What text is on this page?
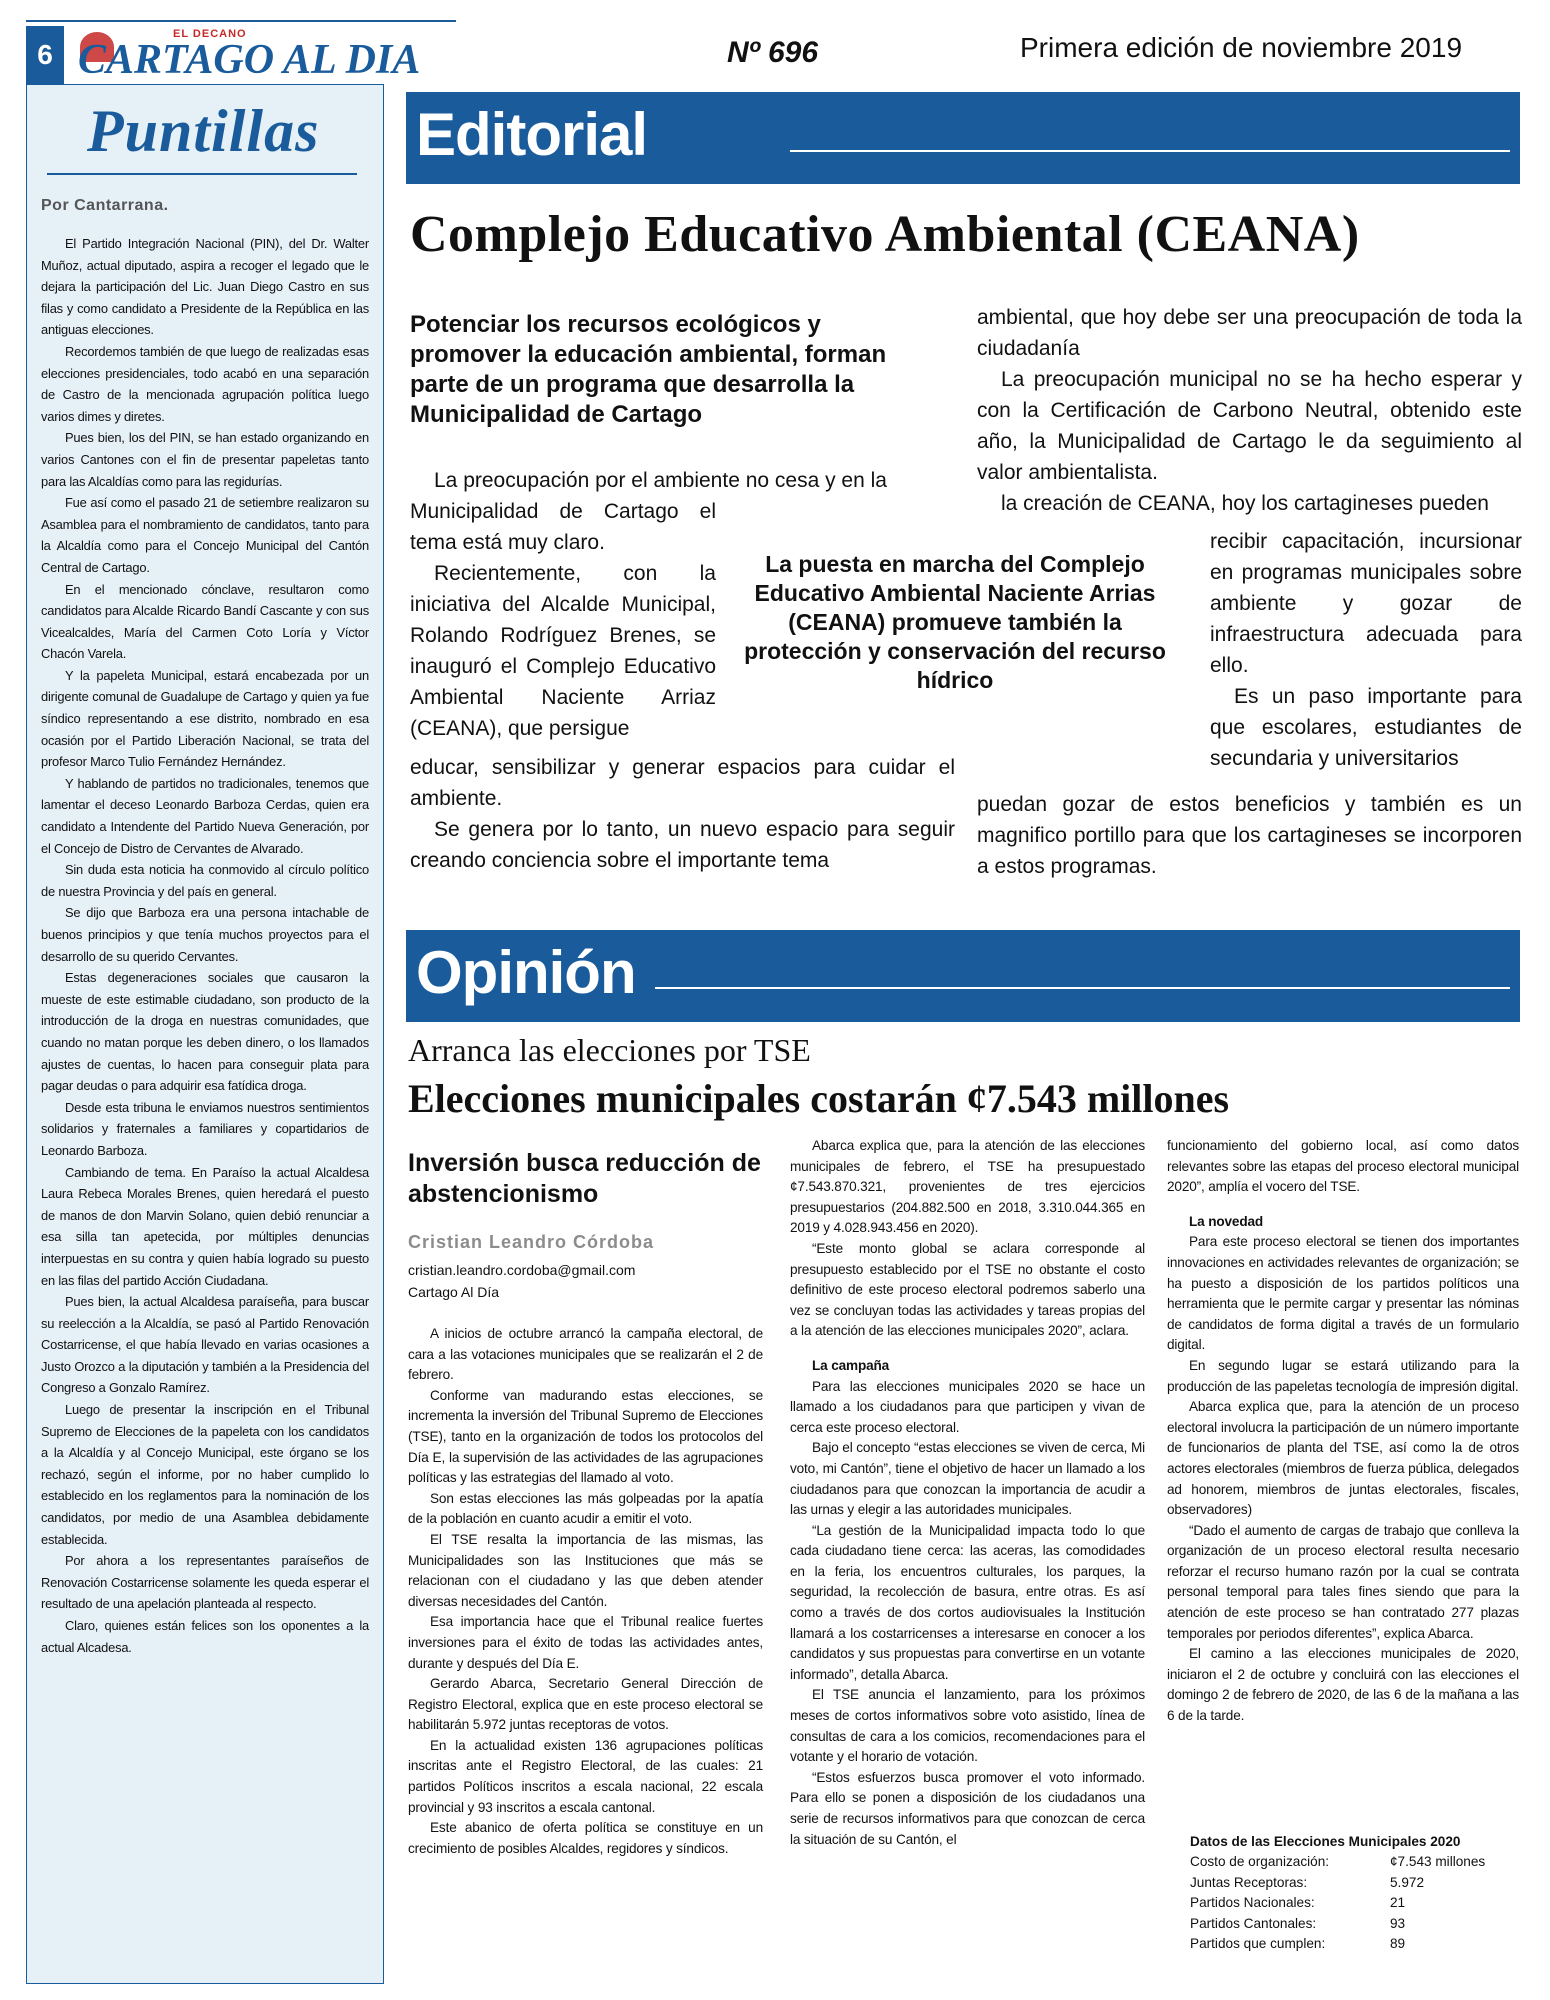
6
EL DECANO
CARTAGO AL DIA	Nº 696	Primera edición de noviembre 2019
Puntillas
Por Cantarrana.

El Partido Integración Nacional (PIN), del Dr. Walter Muñoz, actual diputado, aspira a recoger el legado que le dejara la participación del Lic. Juan Diego Castro en sus filas y como candidato a Presidente de la República en las antiguas elecciones.

Recordemos también de que luego de realizadas esas elecciones presidenciales, todo acabó en una separación de Castro de la mencionada agrupación política luego varios dimes y diretes.

Pues bien, los del PIN, se han estado organizando en varios Cantones con el fin de presentar papeletas tanto para las Alcaldías como para las regidurías.

Fue así como el pasado 21 de setiembre realizaron su Asamblea para el nombramiento de candidatos, tanto para la Alcaldía como para el Concejo Municipal del Cantón Central de Cartago.

En el mencionado cónclave, resultaron como candidatos para Alcalde Ricardo Bandí Cascante y con sus Vicealcaldes, María del Carmen Coto Loría y Víctor Chacón Varela.

Y la papeleta Municipal, estará encabezada por un dirigente comunal de Guadalupe de Cartago y quien ya fue síndico representando a ese distrito, nombrado en esa ocasión por el Partido Liberación Nacional, se trata del profesor Marco Tulio Fernández Hernández.

Y hablando de partidos no tradicionales, tenemos que lamentar el deceso Leonardo Barboza Cerdas, quien era candidato a Intendente del Partido Nueva Generación, por el Concejo de Distro de Cervantes de Alvarado.

Sin duda esta noticia ha conmovido al círculo político de nuestra Provincia y del país en general.

Se dijo que Barboza era una persona intachable de buenos principios y que tenía muchos proyectos para el desarrollo de su querido Cervantes.

Estas degeneraciones sociales que causaron la mueste de este estimable ciudadano, son producto de la introducción de la droga en nuestras comunidades, que cuando no matan porque les deben dinero, o los llamados ajustes de cuentas, lo hacen para conseguir plata para pagar deudas o para adquirir esa fatídica droga.

Desde esta tribuna le enviamos nuestros sentimientos solidarios y fraternales a familiares y copartidarios de Leonardo Barboza.

Cambiando de tema. En Paraíso la actual Alcaldesa Laura Rebeca Morales Brenes, quien heredará el puesto de manos de don Marvin Solano, quien debió renunciar a esa silla tan apetecida, por múltiples denuncias interpuestas en su contra y quien había logrado su puesto en las filas del partido Acción Ciudadana.

Pues bien, la actual Alcaldesa paraíseña, para buscar su reelección a la Alcaldía, se pasó al Partido Renovación Costarricense, el que había llevado en varias ocasiones a Justo Orozco a la diputación y también a la Presidencia del Congreso a Gonzalo Ramírez.

Luego de presentar la inscripción en el Tribunal Supremo de Elecciones de la papeleta con los candidatos a la Alcaldía y al Concejo Municipal, este órgano se los rechazó, según el informe, por no haber cumplido lo establecido en los reglamentos para la nominación de los candidatos, por medio de una Asamblea debidamente establecida.

Por ahora a los representantes paraíseños de Renovación Costarricense solamente les queda esperar el resultado de una apelación planteada al respecto.

Claro, quienes están felices son los oponentes a la actual Alcadesa.

Editorial
Complejo Educativo Ambiental (CEANA)
Potenciar los recursos ecológicos y promover la educación ambiental, forman parte de un programa que desarrolla la Municipalidad de Cartago

La preocupación por el ambiente no cesa y en la

Municipalidad de Cartago el tema está muy claro.

Recientemente, con la iniciativa del Alcalde Municipal, Rolando Rodríguez Brenes, se inauguró el Complejo Educativo Ambiental Naciente Arriaz (CEANA), que persigue

educar, sensibilizar y generar espacios para cuidar el ambiente.

Se genera por lo tanto, un nuevo espacio para seguir creando conciencia sobre el importante tema

La puesta en marcha del Complejo Educativo Ambiental Naciente Arrias (CEANA) promueve también la protección y conservación del recurso hídrico

ambiental, que hoy debe ser una preocupación de toda la ciudadanía

La preocupación municipal no se ha hecho esperar y con la Certificación de Carbono Neutral, obtenido este año, la Municipalidad de Cartago le da seguimiento al valor ambientalista.

la creación de CEANA, hoy los cartagineses pueden

recibir capacitación, incursionar en programas municipales sobre ambiente y gozar de infraestructura adecuada para ello.

Es un paso importante para que escolares, estudiantes de secundaria y universitarios

puedan gozar de estos beneficios y también es un magnifico portillo para que los cartagineses se incorporen a estos programas.

Opinión
Arranca las elecciones por TSE
Elecciones municipales costarán ¢7.543 millones
Inversión busca reducción de abstencionismo
Cristian Leandro Córdoba
cristian.leandro.cordoba@gmail.com
Cartago Al Día

A inicios de octubre arrancó la campaña electoral, de cara a las votaciones municipales que se realizarán el 2 de febrero.

Conforme van madurando estas elecciones, se incrementa la inversión del Tribunal Supremo de Elecciones (TSE), tanto en la organización de todos los protocolos del Día E, la supervisión de las actividades de las agrupaciones políticas y las estrategias del llamado al voto.

Son estas elecciones las más golpeadas por la apatía de la población en cuanto acudir a emitir el voto.

El TSE resalta la importancia de las mismas, las Municipalidades son las Instituciones que más se relacionan con el ciudadano y las que deben atender diversas necesidades del Cantón.

Esa importancia hace que el Tribunal realice fuertes inversiones para el éxito de todas las actividades antes, durante y después del Día E.

Gerardo Abarca, Secretario General Dirección de Registro Electoral, explica que en este proceso electoral se habilitarán 5.972 juntas receptoras de votos.

En la actualidad existen 136 agrupaciones políticas inscritas ante el Registro Electoral, de las cuales: 21 partidos Políticos inscritos a escala nacional, 22 escala provincial y 93 inscritos a escala cantonal.

Este abanico de oferta política se constituye en un crecimiento de posibles Alcaldes, regidores y síndicos.

Abarca explica que, para la atención de las elecciones municipales de febrero, el TSE ha presupuestado ¢7.543.870.321, provenientes de tres ejercicios presupuestarios (204.882.500 en 2018, 3.310.044.365 en 2019 y 4.028.943.456 en 2020).

“Este monto global se aclara corresponde al presupuesto establecido por el TSE no obstante el costo definitivo de este proceso electoral podremos saberlo una vez se concluyan todas las actividades y tareas propias del a la atención de las elecciones municipales 2020”, aclara.

La campaña

Para las elecciones municipales 2020 se hace un llamado a los ciudadanos para que participen y vivan de cerca este proceso electoral.

Bajo el concepto “estas elecciones se viven de cerca, Mi voto, mi Cantón”, tiene el objetivo de hacer un llamado a los ciudadanos para que conozcan la importancia de acudir a las urnas y elegir a las autoridades municipales.

“La gestión de la Municipalidad impacta todo lo que cada ciudadano tiene cerca: las aceras, las comodidades en la feria, los encuentros culturales, los parques, la seguridad, la recolección de basura, entre otras. Es así como a través de dos cortos audiovisuales la Institución llamará a los costarricenses a interesarse en conocer a los candidatos y sus propuestas para convertirse en un votante informado”, detalla Abarca.

El TSE anuncia el lanzamiento, para los próximos meses de cortos informativos sobre voto asistido, línea de consultas de cara a los comicios, recomendaciones para el votante y el horario de votación.

“Estos esfuerzos busca promover el voto informado. Para ello se ponen a disposición de los ciudadanos una serie de recursos informativos para que conozcan de cerca la situación de su Cantón, el

funcionamiento del gobierno local, así como datos relevantes sobre las etapas del proceso electoral municipal 2020”, amplía el vocero del TSE.

La novedad

Para este proceso electoral se tienen dos importantes innovaciones en actividades relevantes de organización; se ha puesto a disposición de los partidos políticos una herramienta que le permite cargar y presentar las nóminas de candidatos de forma digital a través de un formulario digital.

En segundo lugar se estará utilizando para la producción de las papeletas tecnología de impresión digital.

Abarca explica que, para la atención de un proceso electoral involucra la participación de un número importante de funcionarios de planta del TSE, así como la de otros actores electorales (miembros de fuerza pública, delegados ad honorem, miembros de juntas electorales, fiscales, observadores)

“Dado el aumento de cargas de trabajo que conlleva la organización de un proceso electoral resulta necesario reforzar el recurso humano razón por la cual se contrata personal temporal para tales fines siendo que para la atención de este proceso se han contratado 277 plazas temporales por periodos diferentes”, explica Abarca.

El camino a las elecciones municipales de 2020, iniciaron el 2 de octubre y concluirá con las elecciones el domingo 2 de febrero de 2020, de las 6 de la mañana a las 6 de la tarde.

Datos de las Elecciones Municipales 2020
Costo de organización:	¢7.543 millones
Juntas Receptoras:	5.972
Partidos Nacionales:	21
Partidos Cantonales:	93
Partidos que cumplen:	89
